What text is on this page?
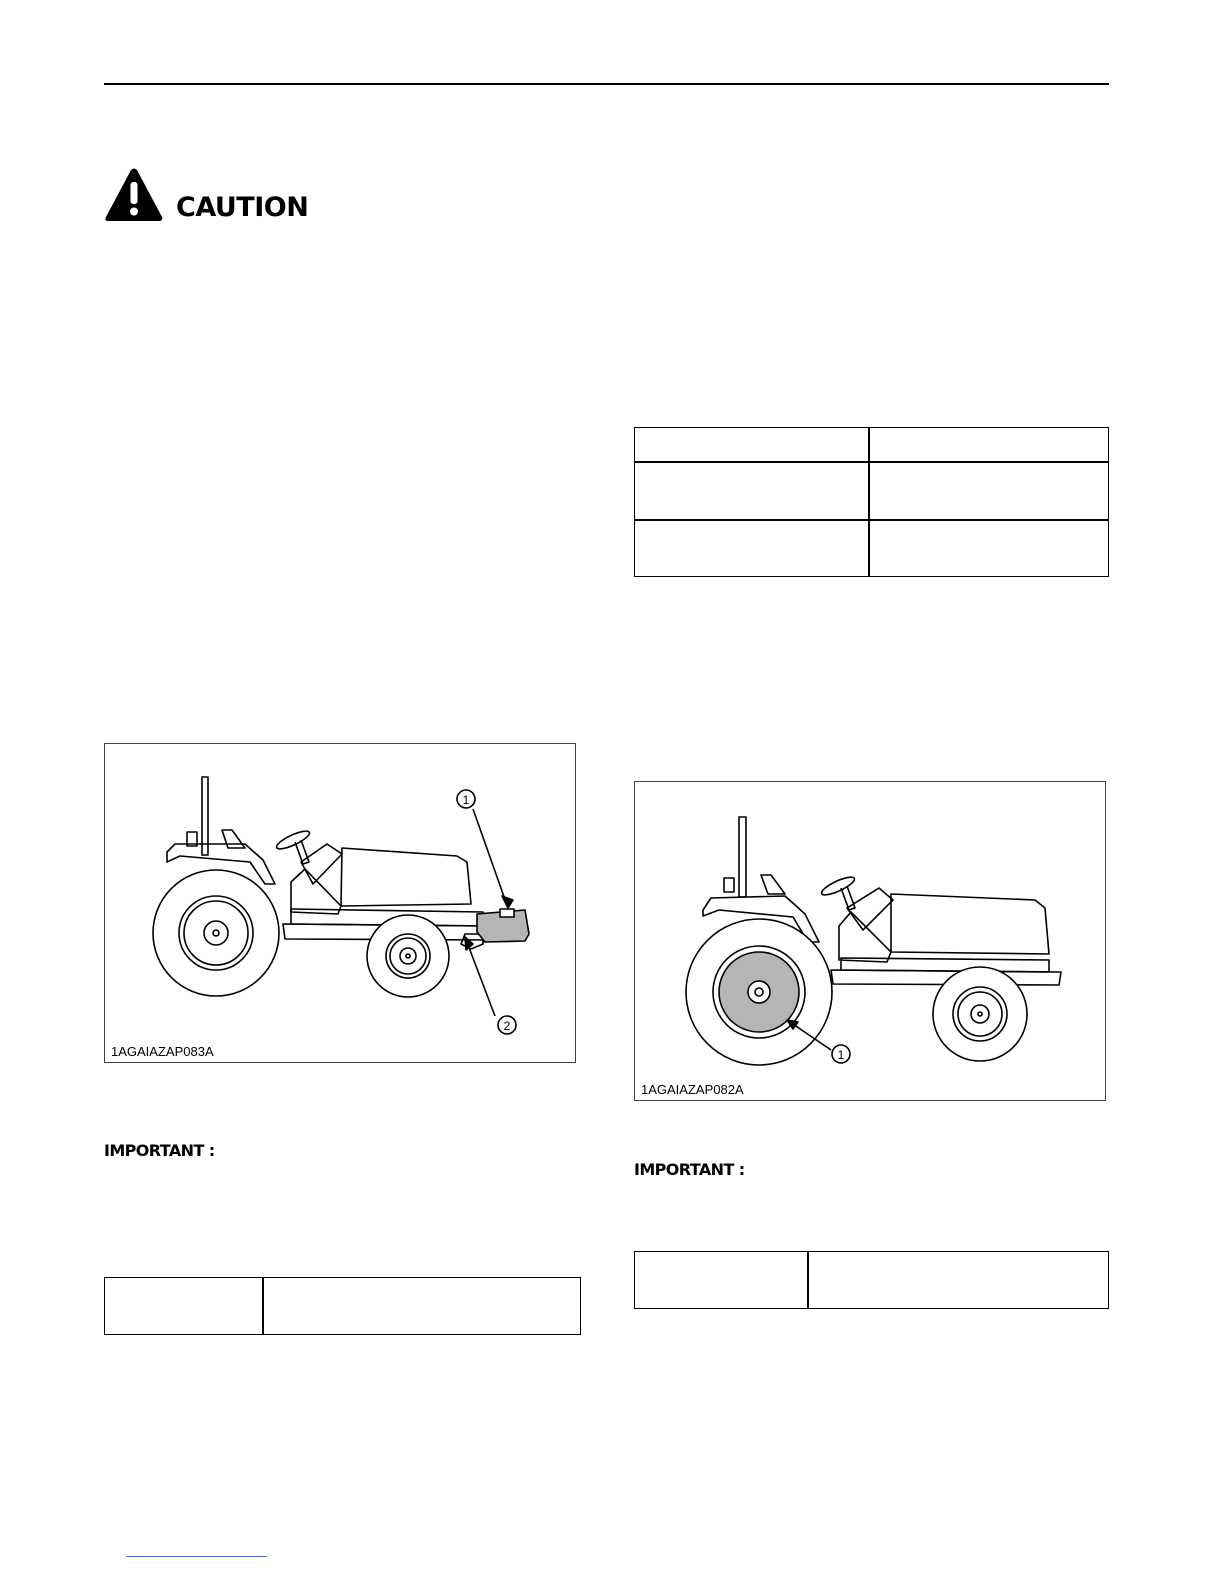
CAUTION
1
2
1AGAIAZAP083A	1
1AGAIAZAP082A
IMPORTANT :
IMPORTANT :
